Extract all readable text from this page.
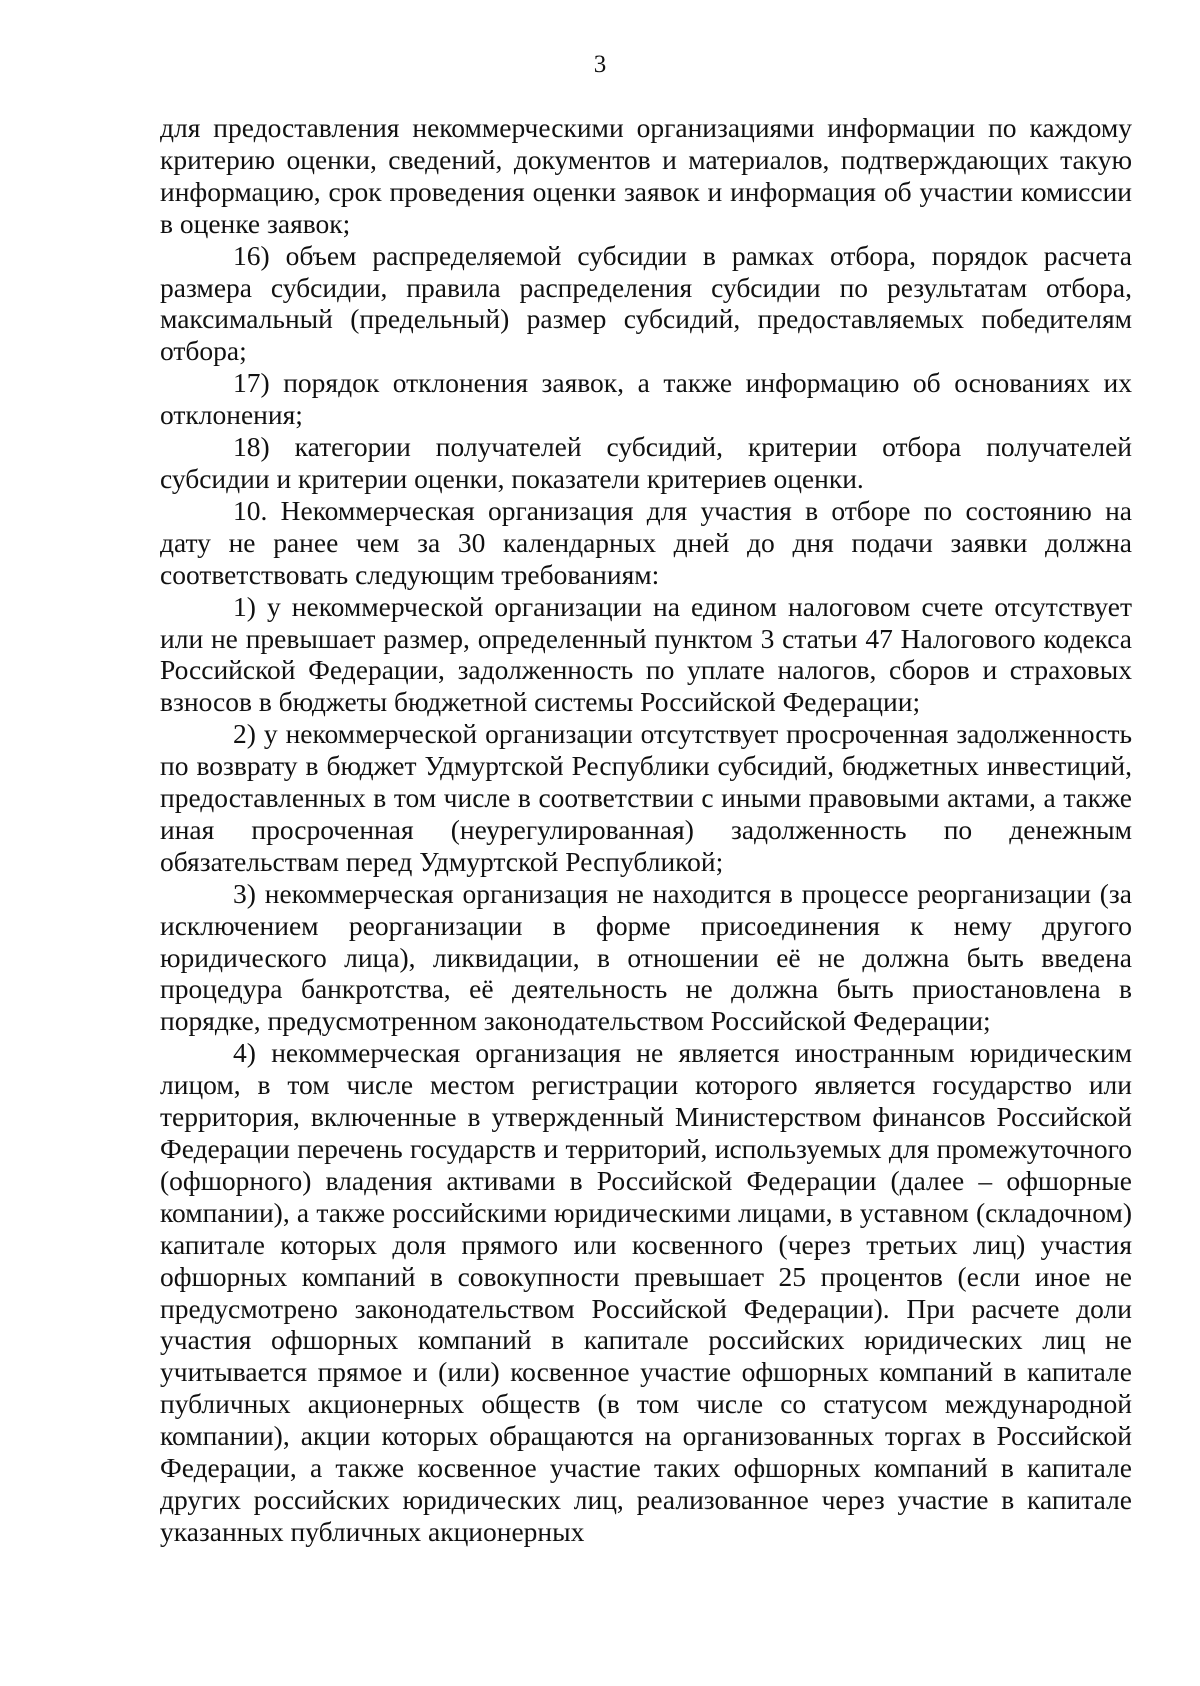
3

для предоставления некоммерческими организациями информации по каждому критерию оценки, сведений, документов и материалов, подтверждающих такую информацию, срок проведения оценки заявок и информация об участии комиссии в оценке заявок;

16) объем распределяемой субсидии в рамках отбора, порядок расчета размера субсидии, правила распределения субсидии по результатам отбора, максимальный (предельный) размер субсидий, предоставляемых победителям отбора;

17) порядок отклонения заявок, а также информацию об основаниях их отклонения;

18) категории получателей субсидий, критерии отбора получателей субсидии и критерии оценки, показатели критериев оценки.

10. Некоммерческая организация для участия в отборе по состоянию на дату не ранее чем за 30 календарных дней до дня подачи заявки должна соответствовать следующим требованиям:

1) у некоммерческой организации на едином налоговом счете отсутствует или не превышает размер, определенный пунктом 3 статьи 47 Налогового кодекса Российской Федерации, задолженность по уплате налогов, сборов и страховых взносов в бюджеты бюджетной системы Российской Федерации;

2) у некоммерческой организации отсутствует просроченная задолженность по возврату в бюджет Удмуртской Республики субсидий, бюджетных инвестиций, предоставленных в том числе в соответствии с иными правовыми актами, а также иная просроченная (неурегулированная) задолженность по денежным обязательствам перед Удмуртской Республикой;

3) некоммерческая организация не находится в процессе реорганизации (за исключением реорганизации в форме присоединения к нему другого юридического лица), ликвидации, в отношении её не должна быть введена процедура банкротства, её деятельность не должна быть приостановлена в порядке, предусмотренном законодательством Российской Федерации;

4) некоммерческая организация не является иностранным юридическим лицом, в том числе местом регистрации которого является государство или территория, включенные в утвержденный Министерством финансов Российской Федерации перечень государств и территорий, используемых для промежуточного (офшорного) владения активами в Российской Федерации (далее – офшорные компании), а также российскими юридическими лицами, в уставном (складочном) капитале которых доля прямого или косвенного (через третьих лиц) участия офшорных компаний в совокупности превышает 25 процентов (если иное не предусмотрено законодательством Российской Федерации). При расчете доли участия офшорных компаний в капитале российских юридических лиц не учитывается прямое и (или) косвенное участие офшорных компаний в капитале публичных акционерных обществ (в том числе со статусом международной компании), акции которых обращаются на организованных торгах в Российской Федерации, а также косвенное участие таких офшорных компаний в капитале других российских юридических лиц, реализованное через участие в капитале указанных публичных акционерных
